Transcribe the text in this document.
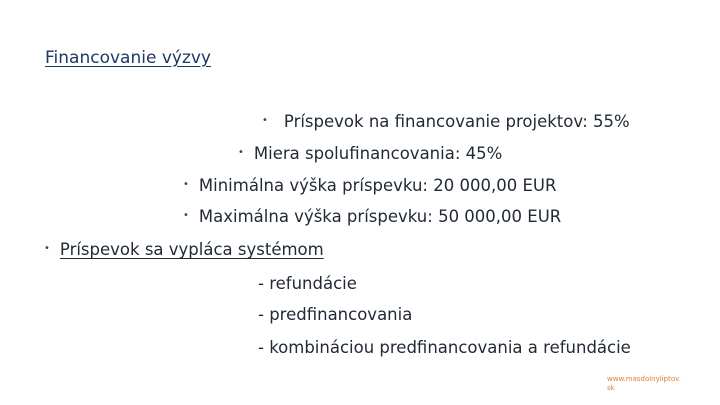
Financovanie výzvy
• Príspevok na financovanie projektov: 55%
• Miera spolufinancovania: 45%
• Minimálna výška príspevku: 20 000,00 EUR
• Maximálna výška príspevku: 50 000,00 EUR
• Príspevok sa vypláca systémom
- refundácie
- predfinancovania
- kombináciou predfinancovania a refundácie
www.masdolnyliptov.
sk
